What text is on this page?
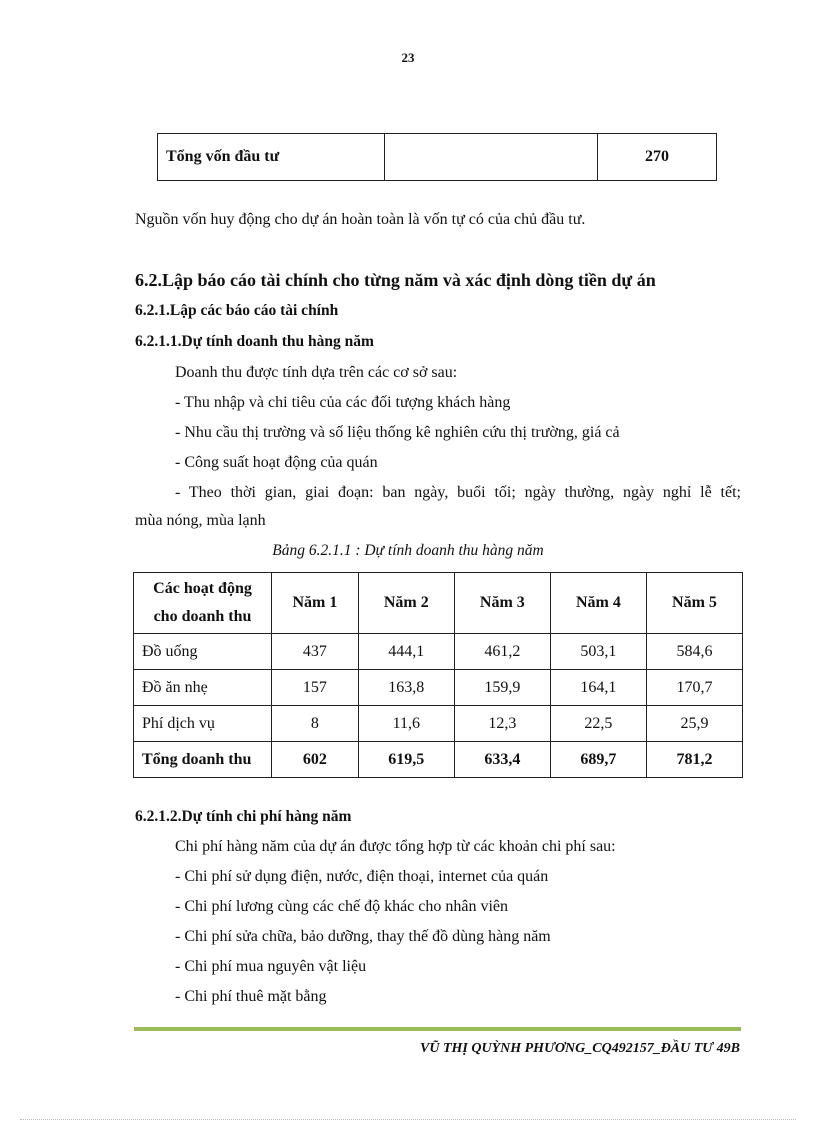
23
Tổng vốn đầu tư		270
Nguồn vốn huy động cho dự án hoàn toàn là vốn tự có của chủ đầu tư.
6.2.Lập báo cáo tài chính cho từng năm và xác định dòng tiền dự án
6.2.1.Lập các báo cáo tài chính
6.2.1.1.Dự tính doanh thu hàng năm
Doanh thu được tính dựa trên các cơ sở sau:
- Thu nhập và chi tiêu của các đối tượng khách hàng
- Nhu cầu thị trường và số liệu thống kê nghiên cứu thị trường, giá cả
- Công suất hoạt động của quán
- Theo thời gian, giai đoạn: ban ngày, buổi tối; ngày thường, ngày nghỉ lễ tết;
mùa nóng, mùa lạnh
Bảng 6.2.1.1 : Dự tính doanh thu hàng năm
Các hoạt động
cho doanh thu	Năm 1	Năm 2	Năm 3	Năm 4	Năm 5
Đồ uống	437	444,1	461,2	503,1	584,6
Đồ ăn nhẹ	157	163,8	159,9	164,1	170,7
Phí dịch vụ	8	11,6	12,3	22,5	25,9
Tổng doanh thu	602	619,5	633,4	689,7	781,2
6.2.1.2.Dự tính chi phí hàng năm
Chi phí hàng năm của dự án được tổng hợp từ các khoản chi phí sau:
- Chi phí sử dụng điện, nước, điện thoại, internet của quán
- Chi phí lương cùng các chế độ khác cho nhân viên
- Chi phí sửa chữa, bảo dưỡng, thay thế đồ dùng hàng năm
- Chi phí mua nguyên vật liệu
- Chi phí thuê mặt bằng
VŨ THỊ QUỲNH PHƯƠNG_CQ492157_ĐẦU TƯ 49B
